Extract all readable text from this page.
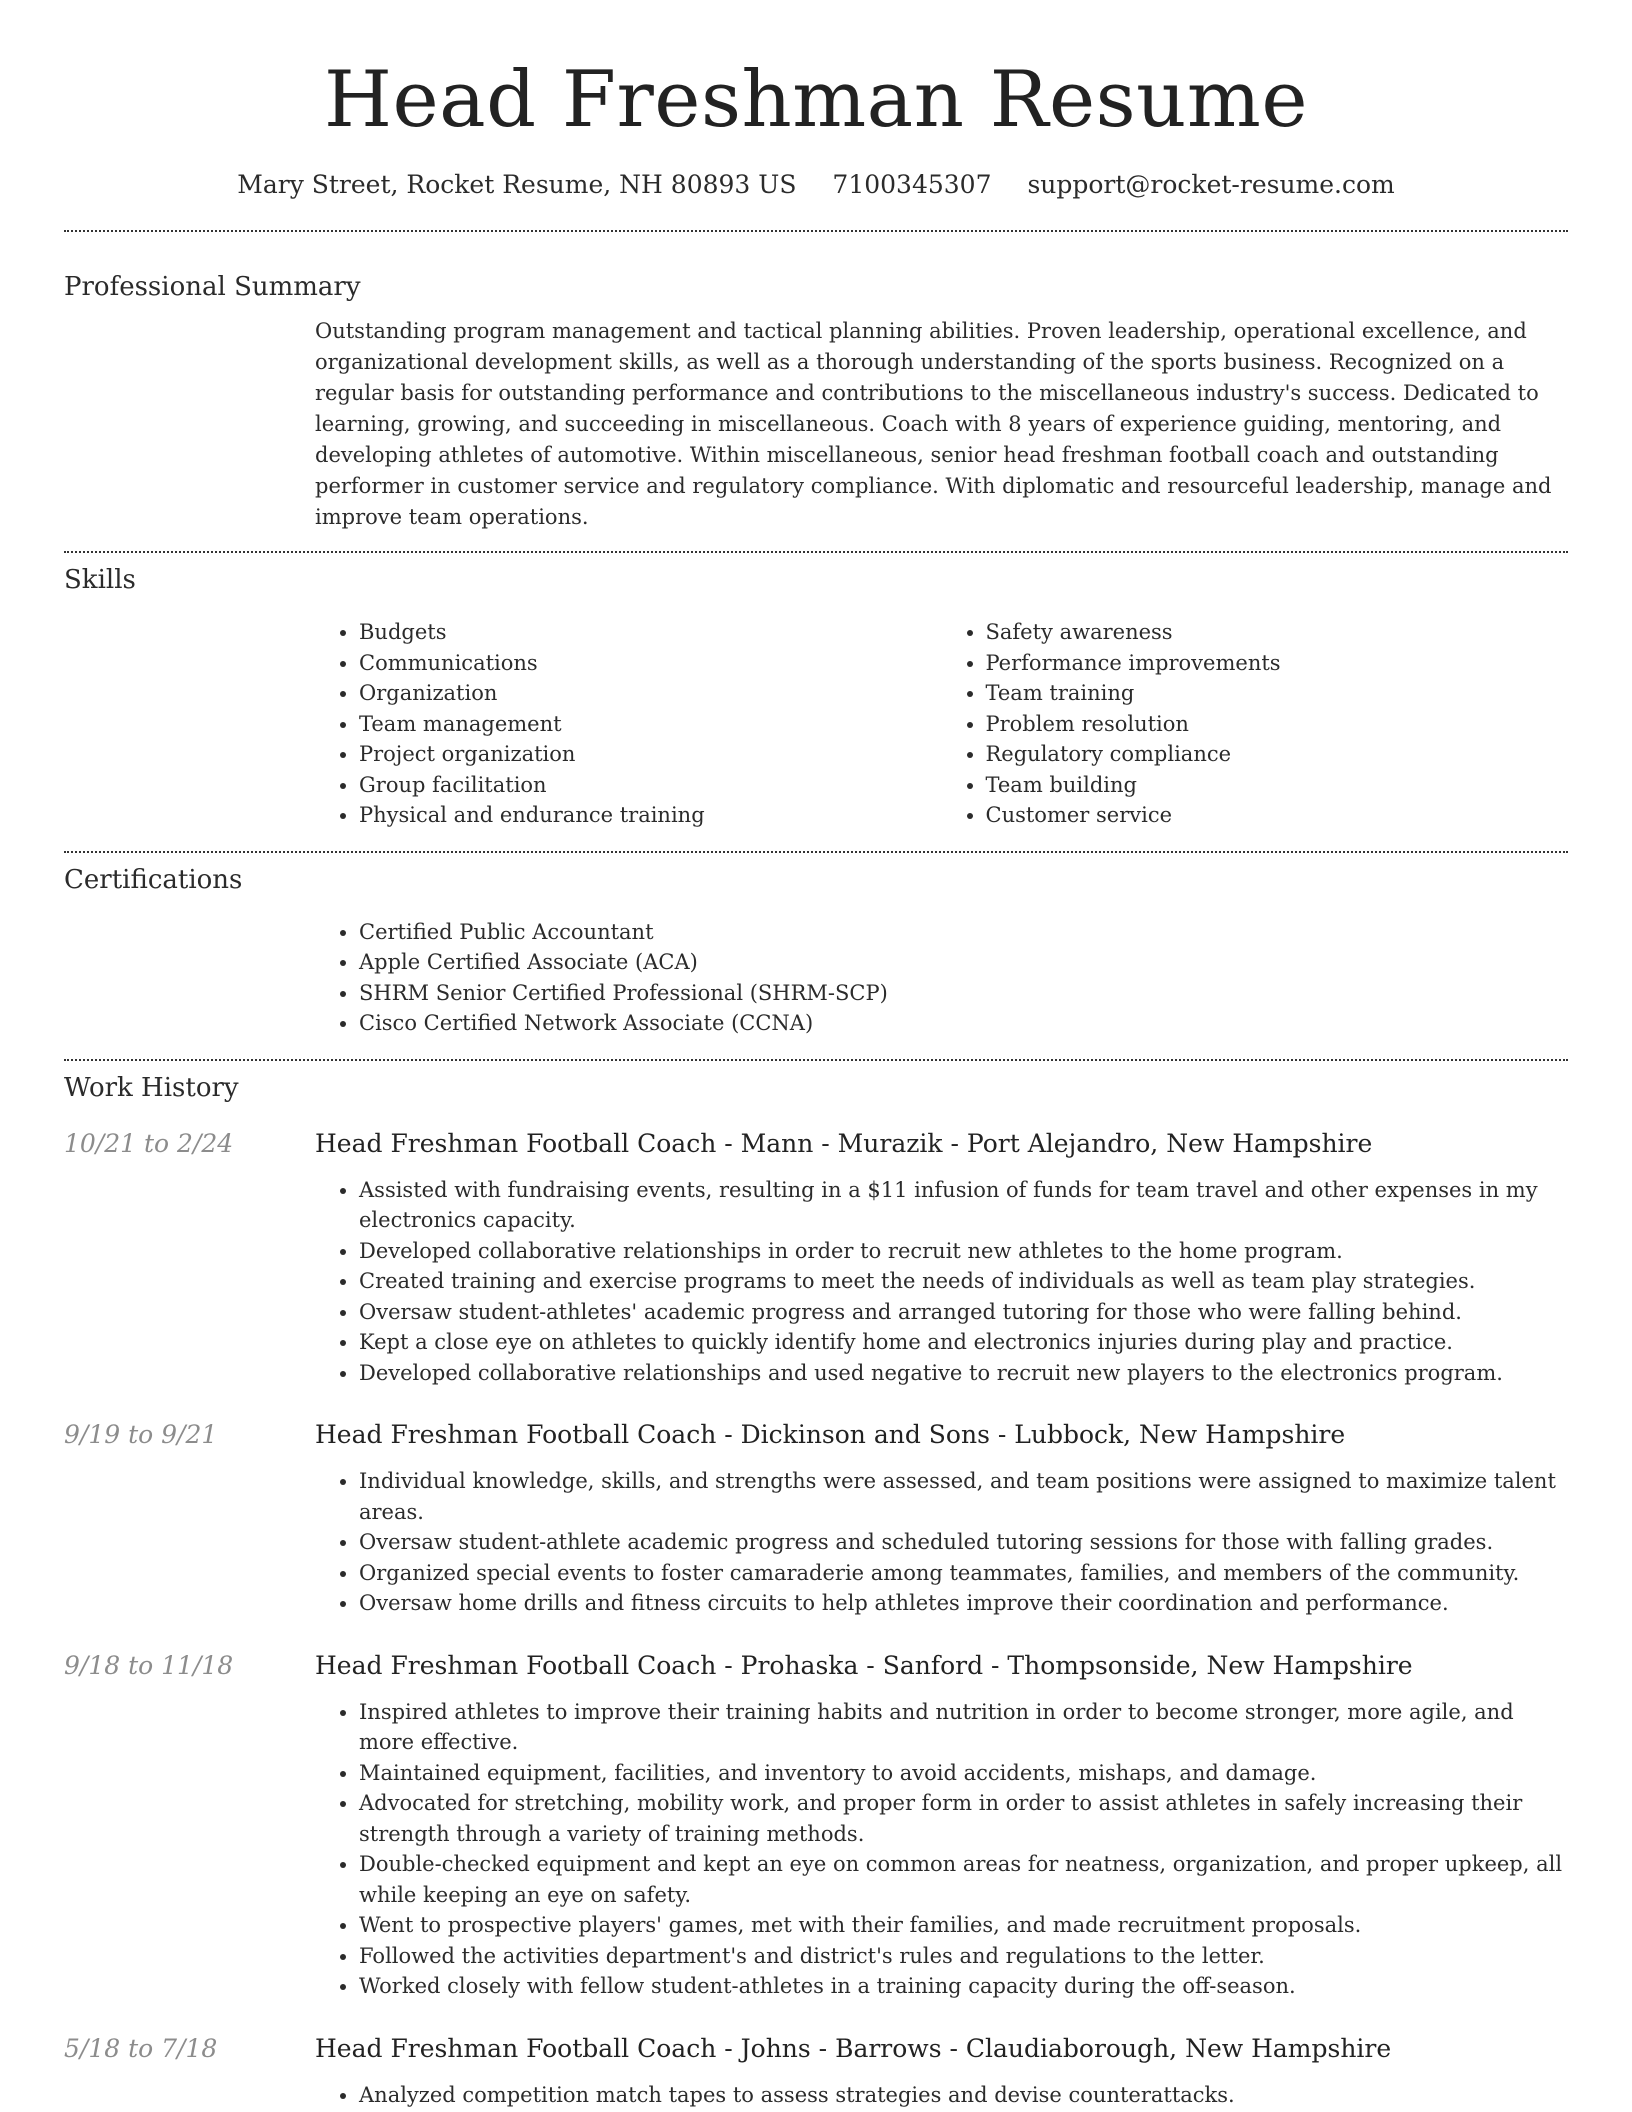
Head Freshman Resume
Mary Street, Rocket Resume, NH 80893 US 7100345307 support@rocket-resume.com
Professional Summary
Outstanding program management and tactical planning abilities. Proven leadership, operational excellence, and organizational development skills, as well as a thorough understanding of the sports business. Recognized on a regular basis for outstanding performance and contributions to the miscellaneous industry's success. Dedicated to learning, growing, and succeeding in miscellaneous. Coach with 8 years of experience guiding, mentoring, and developing athletes of automotive. Within miscellaneous, senior head freshman football coach and outstanding performer in customer service and regulatory compliance. With diplomatic and resourceful leadership, manage and improve team operations.
Skills
• Budgets
• Communications
• Organization
• Team management
• Project organization
• Group facilitation
• Physical and endurance training
• Safety awareness
• Performance improvements
• Team training
• Problem resolution
• Regulatory compliance
• Team building
• Customer service
Certifications
• Certified Public Accountant
• Apple Certified Associate (ACA)
• SHRM Senior Certified Professional (SHRM-SCP)
• Cisco Certified Network Associate (CCNA)
Work History
10/21 to 2/24	Head Freshman Football Coach - Mann - Murazik - Port Alejandro, New Hampshire
• Assisted with fundraising events, resulting in a $11 infusion of funds for team travel and other expenses in my electronics capacity.
• Developed collaborative relationships in order to recruit new athletes to the home program.
• Created training and exercise programs to meet the needs of individuals as well as team play strategies.
• Oversaw student-athletes' academic progress and arranged tutoring for those who were falling behind.
• Kept a close eye on athletes to quickly identify home and electronics injuries during play and practice.
• Developed collaborative relationships and used negative to recruit new players to the electronics program.
9/19 to 9/21	Head Freshman Football Coach - Dickinson and Sons - Lubbock, New Hampshire
• Individual knowledge, skills, and strengths were assessed, and team positions were assigned to maximize talent areas.
• Oversaw student-athlete academic progress and scheduled tutoring sessions for those with falling grades.
• Organized special events to foster camaraderie among teammates, families, and members of the community.
• Oversaw home drills and fitness circuits to help athletes improve their coordination and performance.
9/18 to 11/18	Head Freshman Football Coach - Prohaska - Sanford - Thompsonside, New Hampshire
• Inspired athletes to improve their training habits and nutrition in order to become stronger, more agile, and more effective.
• Maintained equipment, facilities, and inventory to avoid accidents, mishaps, and damage.
• Advocated for stretching, mobility work, and proper form in order to assist athletes in safely increasing their strength through a variety of training methods.
• Double-checked equipment and kept an eye on common areas for neatness, organization, and proper upkeep, all while keeping an eye on safety.
• Went to prospective players' games, met with their families, and made recruitment proposals.
• Followed the activities department's and district's rules and regulations to the letter.
• Worked closely with fellow student-athletes in a training capacity during the off-season.
5/18 to 7/18	Head Freshman Football Coach - Johns - Barrows - Claudiaborough, New Hampshire
• Analyzed competition match tapes to assess strategies and devise counterattacks.
